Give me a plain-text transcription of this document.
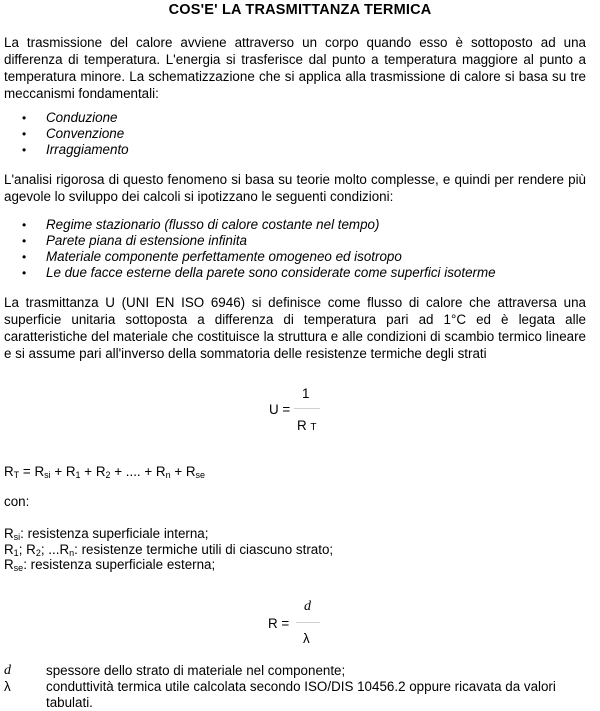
COS'E' LA TRASMITTANZA TERMICA

La trasmissione del calore avviene attraverso un corpo quando esso è sottoposto ad una differenza di temperatura. L'energia si trasferisce dal punto a temperatura maggiore al punto a temperatura minore. La schematizzazione che si applica alla trasmissione di calore si basa su tre meccanismi fondamentali:

• Conduzione
• Convenzione
• Irraggiamento

L'analisi rigorosa di questo fenomeno si basa su teorie molto complesse, e quindi per rendere più agevole lo sviluppo dei calcoli si ipotizzano le seguenti condizioni:

• Regime stazionario (flusso di calore costante nel tempo)
• Parete piana di estensione infinita
• Materiale componente perfettamente omogeneo ed isotropo
• Le due facce esterne della parete sono considerate come superfici isoterme

La trasmittanza U (UNI EN ISO 6946) si definisce come flusso di calore che attraversa una superficie unitaria sottoposta a differenza di temperatura pari ad 1°C ed è legata alle caratteristiche del materiale che costituisce la struttura e alle condizioni di scambio termico lineare e si assume pari all'inverso della sommatoria delle resistenze termiche degli strati

U =
1
R T
$R_T = R_{si} + R_1 + R_2$ + .... + $R_n + R_{se}$
con:
$R_{si}$: resistenza superficiale interna;
$R_1$; $R_2$; $...R_n$: resistenze termiche utili di ciascuno strato;
$R_{se}$: resistenza superficiale esterna;
R =
d
λ
d	spessore dello strato di materiale nel componente;
λ	conduttività termica utile calcolata secondo ISO/DIS 10456.2 oppure ricavata da valori tabulati.
